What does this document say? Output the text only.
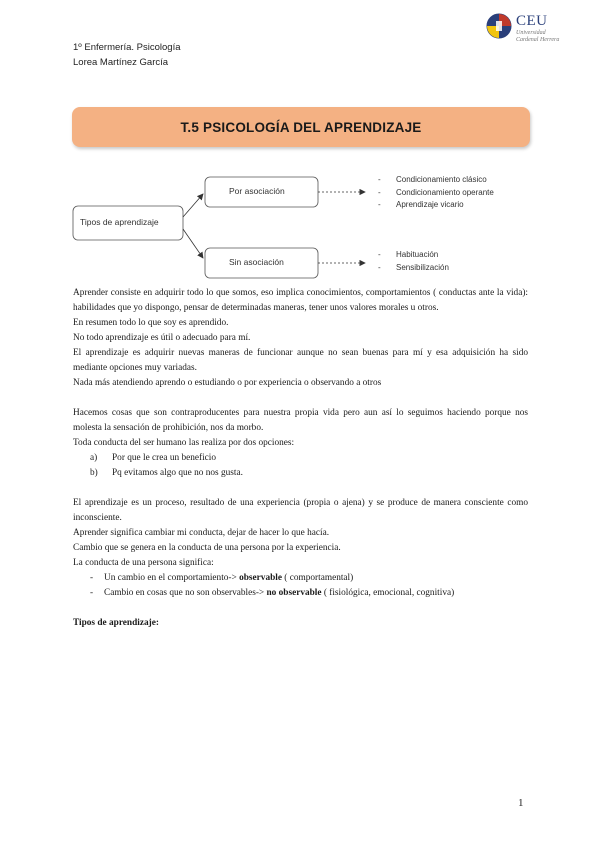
1º Enfermería. Psicología
Lorea Martínez García
CEU
Universidad
Cardenal Herrera
T.5 PSICOLOGÍA DEL APRENDIZAJE
Tipos de aprendizaje
Por asociación
Sin asociación
- Condicionamiento clásico
- Condicionamiento operante
- Aprendizaje vicario
- Habituación
- Sensibilización

Aprender consiste en adquirir todo lo que somos, eso implica conocimientos, comportamientos ( conductas ante la vida): habilidades que yo dispongo, pensar de determinadas maneras, tener unos valores morales u otros.

En resumen todo lo que soy es aprendido.

No todo aprendizaje es útil o adecuado para mí.

El aprendizaje es adquirir nuevas maneras de funcionar aunque no sean buenas para mí y esa adquisición ha sido mediante opciones muy variadas.

Nada más atendiendo aprendo o estudiando o por experiencia o observando a otros

Hacemos cosas que son contraproducentes para nuestra propia vida pero aun así lo seguimos haciendo porque nos molesta la sensación de prohibición, nos da morbo.

Toda conducta del ser humano las realiza por dos opciones:

a) Por que le crea un beneficio
b) Pq evitamos algo que no nos gusta.

El aprendizaje es un proceso, resultado de una experiencia (propia o ajena) y se produce de manera consciente como inconsciente.

Aprender significa cambiar mi conducta, dejar de hacer lo que hacía.

Cambio que se genera en la conducta de una persona por la experiencia.

La conducta de una persona significa:

- Un cambio en el comportamiento-> observable ( comportamental)
- Cambio en cosas que no son observables-> no observable ( fisiológica, emocional, cognitiva)

Tipos de aprendizaje:

1
